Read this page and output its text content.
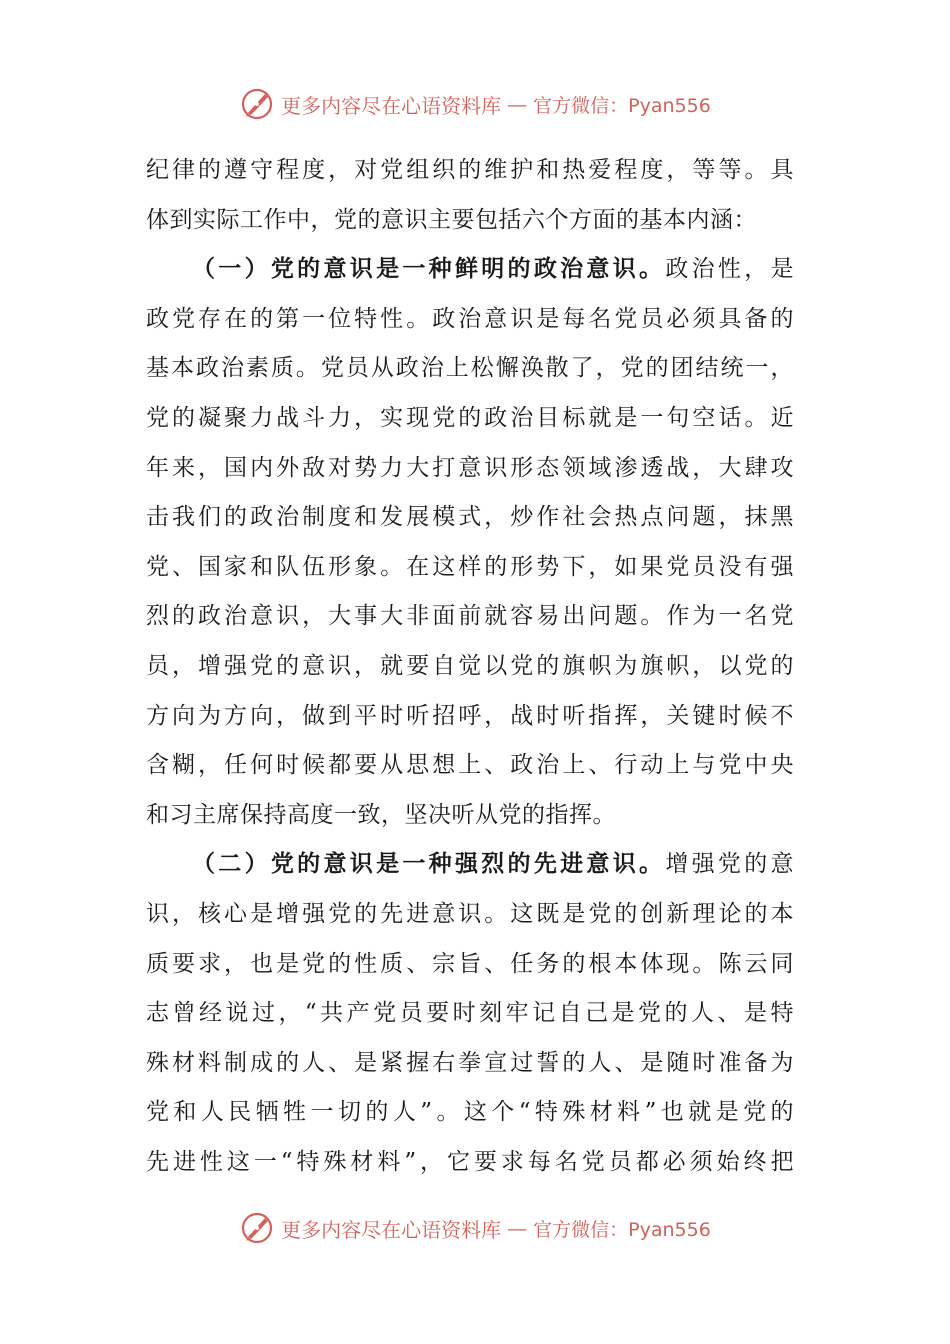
更多内容尽在心语资料库 — 官方微信：Pyan556
纪律的遵守程度，对党组织的维护和热爱程度，等等。具
体到实际工作中，党的意识主要包括六个方面的基本内涵：
（一）党的意识是一种鲜明的政治意识。政治性，是
政党存在的第一位特性。政治意识是每名党员必须具备的
基本政治素质。党员从政治上松懈涣散了，党的团结统一，
党的凝聚力战斗力，实现党的政治目标就是一句空话。近
年来，国内外敌对势力大打意识形态领域渗透战，大肆攻
击我们的政治制度和发展模式，炒作社会热点问题，抹黑
党、国家和队伍形象。在这样的形势下，如果党员没有强
烈的政治意识，大事大非面前就容易出问题。作为一名党
员，增强党的意识，就要自觉以党的旗帜为旗帜，以党的
方向为方向，做到平时听招呼，战时听指挥，关键时候不
含糊，任何时候都要从思想上、政治上、行动上与党中央
和习主席保持高度一致，坚决听从党的指挥。
（二）党的意识是一种强烈的先进意识。增强党的意
识，核心是增强党的先进意识。这既是党的创新理论的本
质要求，也是党的性质、宗旨、任务的根本体现。陈云同
志曾经说过，“共产党员要时刻牢记自己是党的人、是特
殊材料制成的人、是紧握右拳宣过誓的人、是随时准备为
党和人民牺牲一切的人”。这个“特殊材料”也就是党的
先进性这一“特殊材料”，它要求每名党员都必须始终把
更多内容尽在心语资料库 — 官方微信：Pyan556
